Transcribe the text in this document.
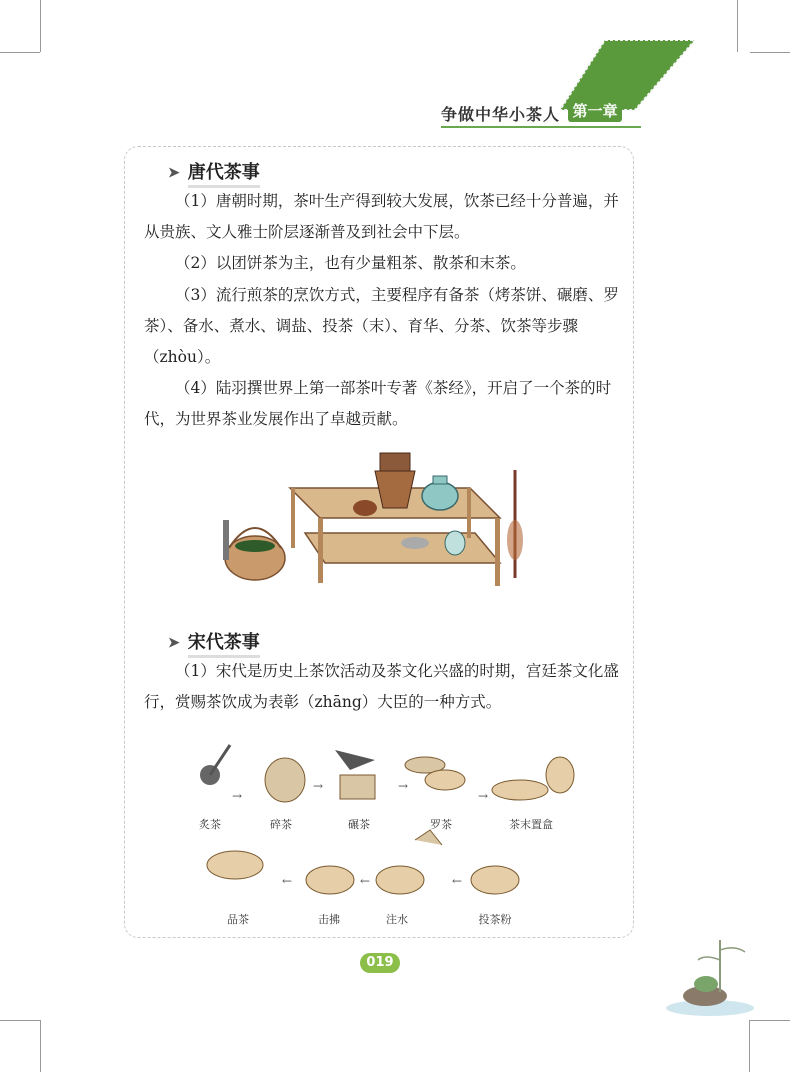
争做中华小茶人 第一章
➤ 唐代茶事

（1）唐朝时期，茶叶生产得到较大发展，饮茶已经十分普遍，并从贵族、文人雅士阶层逐渐普及到社会中下层。

（2）以团饼茶为主，也有少量粗茶、散茶和末茶。

（3）流行煎茶的烹饮方式，主要程序有备茶（烤茶饼、碾磨、罗茶）、备水、煮水、调盐、投茶（末）、育华、分茶、饮茶等步骤（zhòu）。

（4）陆羽撰世界上第一部茶叶专著《茶经》，开启了一个茶的时代，为世界茶业发展作出了卓越贡献。

➤ 宋代茶事

（1）宋代是历史上茶饮活动及茶文化兴盛的时期，宫廷茶文化盛行，赏赐茶饮成为表彰（zhāng）大臣的一种方式。

→
→	→
→
←	←	←
炙茶	碎茶	碾茶	罗茶	茶末置盒
品茶	击拂	注水	投茶粉
019
